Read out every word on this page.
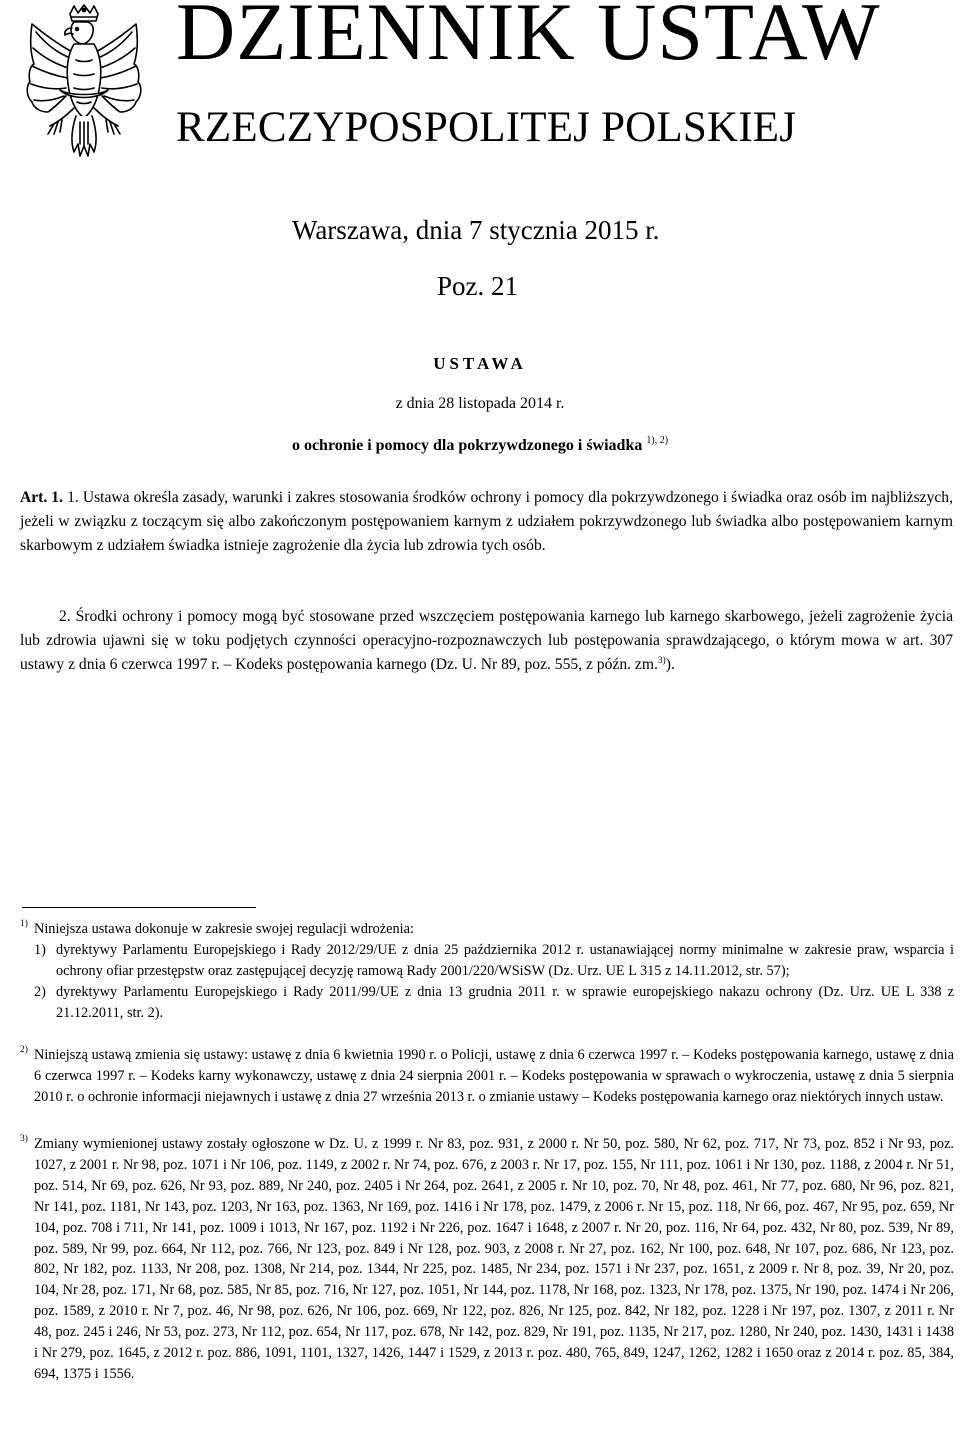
DZIENNIK USTAW
RZECZYPOSPOLITEJ POLSKIEJ
Warszawa, dnia 7 stycznia 2015 r.
Poz. 21
USTAWA
z dnia 28 listopada 2014 r.
o ochronie i pomocy dla pokrzywdzonego i świadka $^{1), 2)}$

Art. 1. 1. Ustawa określa zasady, warunki i zakres stosowania środków ochrony i pomocy dla pokrzywdzonego i świadka oraz osób im najbliższych, jeżeli w związku z toczącym się albo zakończonym postępowaniem karnym z udziałem pokrzywdzonego lub świadka albo postępowaniem karnym skarbowym z udziałem świadka istnieje zagrożenie dla życia lub zdrowia tych osób.

2. Środki ochrony i pomocy mogą być stosowane przed wszczęciem postępowania karnego lub karnego skarbowego, jeżeli zagrożenie życia lub zdrowia ujawni się w toku podjętych czynności operacyjno-rozpoznawczych lub postępowania sprawdzającego, o którym mowa w art. 307 ustawy z dnia 6 czerwca 1997 r. – Kodeks postępowania karnego (Dz. U. Nr 89, poz. 555, z późn. zm.$^{3)}$).

1) Niniejsza ustawa dokonuje w zakresie swojej regulacji wdrożenia:
1) dyrektywy Parlamentu Europejskiego i Rady 2012/29/UE z dnia 25 października 2012 r. ustanawiającej normy minimalne w zakresie praw, wsparcia i ochrony ofiar przestępstw oraz zastępującej decyzję ramową Rady 2001/220/WSiSW (Dz. Urz. UE L 315 z 14.11.2012, str. 57);
2) dyrektywy Parlamentu Europejskiego i Rady 2011/99/UE z dnia 13 grudnia 2011 r. w sprawie europejskiego nakazu ochrony (Dz. Urz. UE L 338 z 21.12.2011, str. 2).
2) Niniejszą ustawą zmienia się ustawy: ustawę z dnia 6 kwietnia 1990 r. o Policji, ustawę z dnia 6 czerwca 1997 r. – Kodeks postępowania karnego, ustawę z dnia 6 czerwca 1997 r. – Kodeks karny wykonawczy, ustawę z dnia 24 sierpnia 2001 r. – Kodeks postępowania w sprawach o wykroczenia, ustawę z dnia 5 sierpnia 2010 r. o ochronie informacji niejawnych i ustawę z dnia 27 września 2013 r. o zmianie ustawy – Kodeks postępowania karnego oraz niektórych innych ustaw.
3) Zmiany wymienionej ustawy zostały ogłoszone w Dz. U. z 1999 r. Nr 83, poz. 931, z 2000 r. Nr 50, poz. 580, Nr 62, poz. 717, Nr 73, poz. 852 i Nr 93, poz. 1027, z 2001 r. Nr 98, poz. 1071 i Nr 106, poz. 1149, z 2002 r. Nr 74, poz. 676, z 2003 r. Nr 17, poz. 155, Nr 111, poz. 1061 i Nr 130, poz. 1188, z 2004 r. Nr 51, poz. 514, Nr 69, poz. 626, Nr 93, poz. 889, Nr 240, poz. 2405 i Nr 264, poz. 2641, z 2005 r. Nr 10, poz. 70, Nr 48, poz. 461, Nr 77, poz. 680, Nr 96, poz. 821, Nr 141, poz. 1181, Nr 143, poz. 1203, Nr 163, poz. 1363, Nr 169, poz. 1416 i Nr 178, poz. 1479, z 2006 r. Nr 15, poz. 118, Nr 66, poz. 467, Nr 95, poz. 659, Nr 104, poz. 708 i 711, Nr 141, poz. 1009 i 1013, Nr 167, poz. 1192 i Nr 226, poz. 1647 i 1648, z 2007 r. Nr 20, poz. 116, Nr 64, poz. 432, Nr 80, poz. 539, Nr 89, poz. 589, Nr 99, poz. 664, Nr 112, poz. 766, Nr 123, poz. 849 i Nr 128, poz. 903, z 2008 r. Nr 27, poz. 162, Nr 100, poz. 648, Nr 107, poz. 686, Nr 123, poz. 802, Nr 182, poz. 1133, Nr 208, poz. 1308, Nr 214, poz. 1344, Nr 225, poz. 1485, Nr 234, poz. 1571 i Nr 237, poz. 1651, z 2009 r. Nr 8, poz. 39, Nr 20, poz. 104, Nr 28, poz. 171, Nr 68, poz. 585, Nr 85, poz. 716, Nr 127, poz. 1051, Nr 144, poz. 1178, Nr 168, poz. 1323, Nr 178, poz. 1375, Nr 190, poz. 1474 i Nr 206, poz. 1589, z 2010 r. Nr 7, poz. 46, Nr 98, poz. 626, Nr 106, poz. 669, Nr 122, poz. 826, Nr 125, poz. 842, Nr 182, poz. 1228 i Nr 197, poz. 1307, z 2011 r. Nr 48, poz. 245 i 246, Nr 53, poz. 273, Nr 112, poz. 654, Nr 117, poz. 678, Nr 142, poz. 829, Nr 191, poz. 1135, Nr 217, poz. 1280, Nr 240, poz. 1430, 1431 i 1438 i Nr 279, poz. 1645, z 2012 r. poz. 886, 1091, 1101, 1327, 1426, 1447 i 1529, z 2013 r. poz. 480, 765, 849, 1247, 1262, 1282 i 1650 oraz z 2014 r. poz. 85, 384, 694, 1375 i 1556.
